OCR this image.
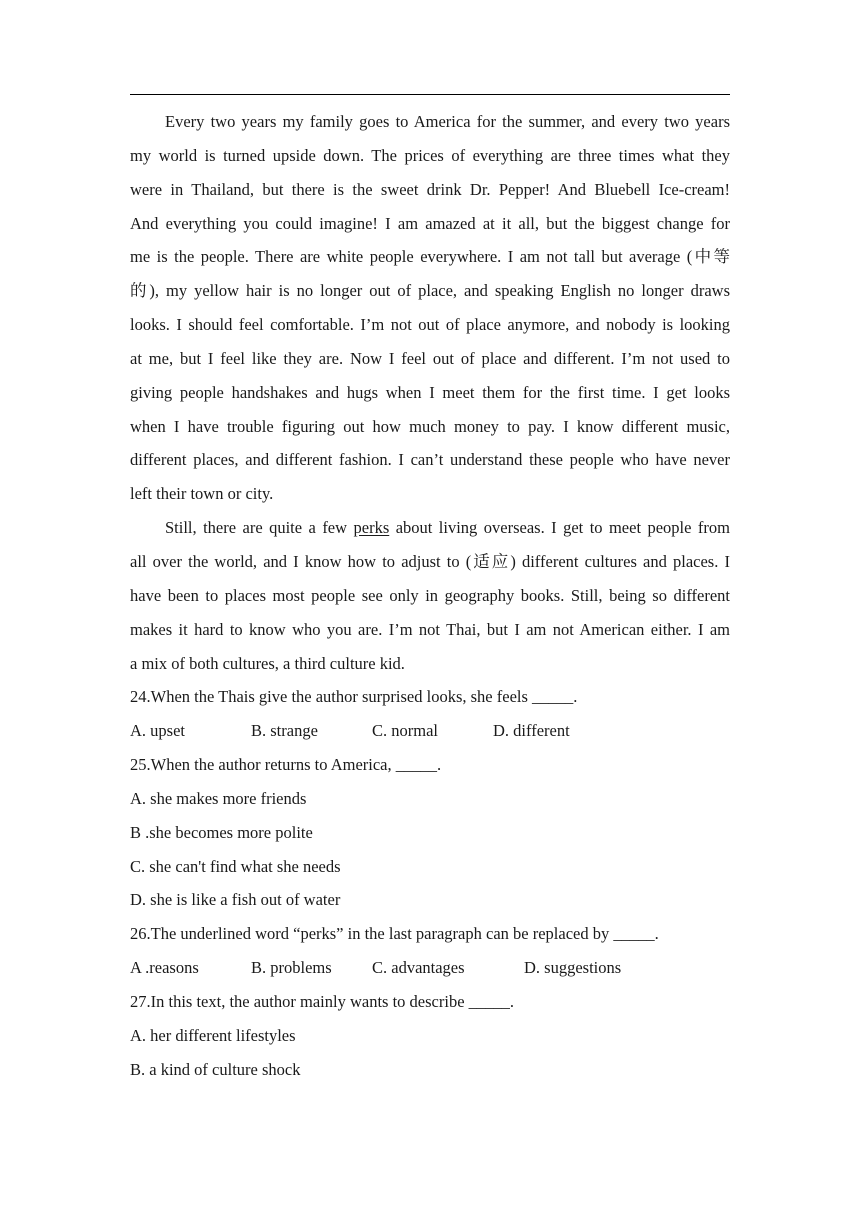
Every two years my family goes to America for the summer, and every two years
my world is turned upside down. The prices of everything are three times what they
were in Thailand, but there is the sweet drink Dr. Pepper! And Bluebell Ice-cream!
And everything you could imagine! I am amazed at it all, but the biggest change for
me is the people. There are white people everywhere. I am not tall but average (中等
的), my yellow hair is no longer out of place, and speaking English no longer draws
looks. I should feel comfortable. I’m not out of place anymore, and nobody is looking
at me, but I feel like they are. Now I feel out of place and different. I’m not used to
giving people handshakes and hugs when I meet them for the first time. I get looks
when I have trouble figuring out how much money to pay. I know different music,
different places, and different fashion. I can’t understand these people who have never
left their town or city.
Still, there are quite a few perks about living overseas. I get to meet people from
all over the world, and I know how to adjust to (适应) different cultures and places. I
have been to places most people see only in geography books. Still, being so different
makes it hard to know who you are. I’m not Thai, but I am not American either. I am
a mix of both cultures, a third culture kid.
24.When the Thais give the author surprised looks, she feels _____.
A. upset	B. strange	C. normal	D. different
25.When the author returns to America, _____.
A. she makes more friends
B .she becomes more polite
C. she can't find what she needs
D. she is like a fish out of water
26.The underlined word “perks” in the last paragraph can be replaced by _____.
A .reasons	B. problems C. advantages	D. suggestions
27.In this text, the author mainly wants to describe _____.
A. her different lifestyles
B. a kind of culture shock
